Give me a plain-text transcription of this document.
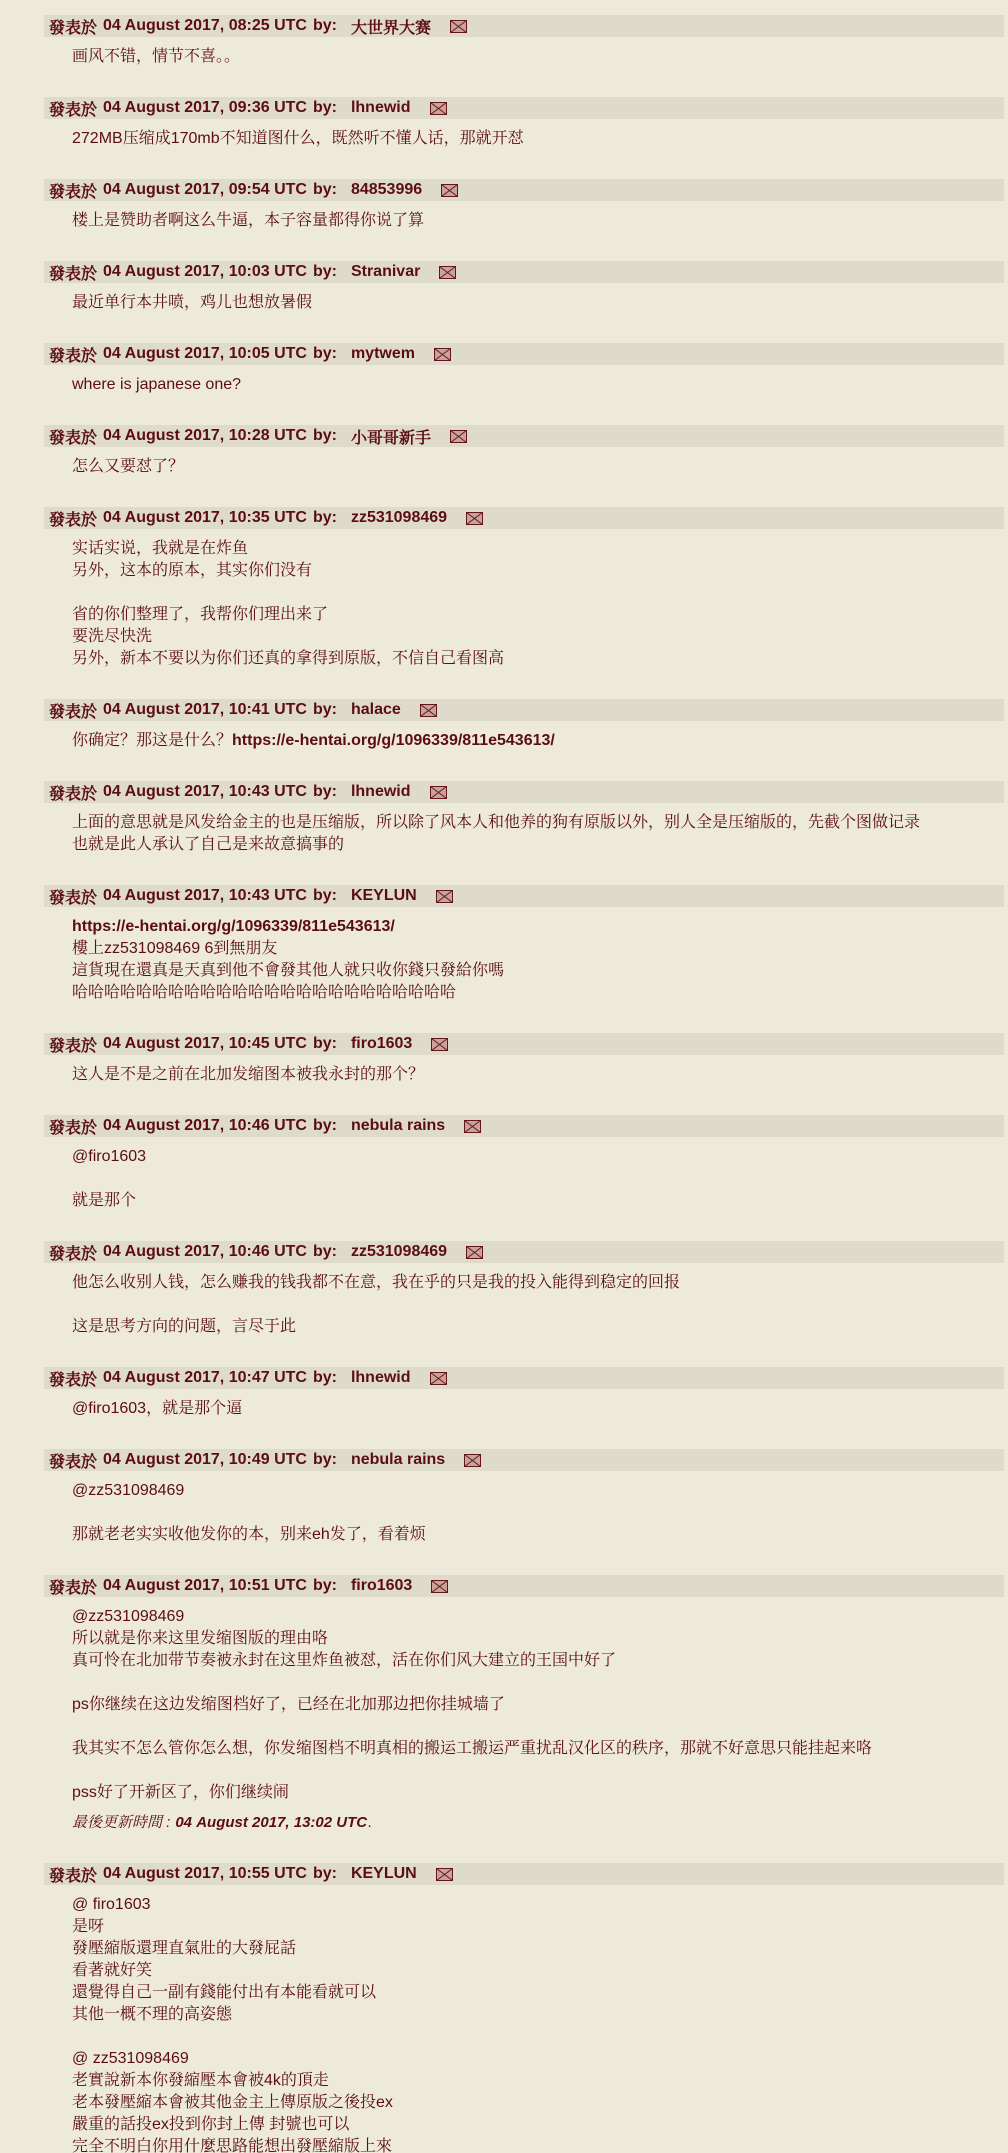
發表於 04 August 2017, 08:25 UTC by: 大世界大赛
画风不错，情节不喜。。
發表於 04 August 2017, 09:36 UTC by: lhnewid
272MB压缩成170mb不知道图什么，既然听不懂人话，那就开怼
發表於 04 August 2017, 09:54 UTC by: 84853996
楼上是赞助者啊这么牛逼，本子容量都得你说了算
發表於 04 August 2017, 10:03 UTC by: Stranivar
最近单行本井喷，鸡儿也想放暑假
發表於 04 August 2017, 10:05 UTC by: mytwem
where is japanese one?
發表於 04 August 2017, 10:28 UTC by: 小哥哥新手
怎么又要怼了？
發表於 04 August 2017, 10:35 UTC by: zz531098469
实话实说，我就是在炸鱼
另外，这本的原本，其实你们没有

省的你们整理了，我帮你们理出来了
要洗尽快洗
另外，新本不要以为你们还真的拿得到原版，不信自己看图高
發表於 04 August 2017, 10:41 UTC by: halace
你确定？那这是什么？https://e-hentai.org/g/1096339/811e543613/
發表於 04 August 2017, 10:43 UTC by: lhnewid
上面的意思就是风发给金主的也是压缩版，所以除了风本人和他养的狗有原版以外，别人全是压缩版的，先截个图做记录
也就是此人承认了自己是来故意搞事的
發表於 04 August 2017, 10:43 UTC by: KEYLUN
https://e-hentai.org/g/1096339/811e543613/
樓上zz531098469 6到無朋友
這貨現在還真是天真到他不會發其他人就只收你錢只發給你嗎
哈哈哈哈哈哈哈哈哈哈哈哈哈哈哈哈哈哈哈哈哈哈哈哈
發表於 04 August 2017, 10:45 UTC by: firo1603
这人是不是之前在北加发缩图本被我永封的那个？
發表於 04 August 2017, 10:46 UTC by: nebula rains
@firo1603

就是那个
發表於 04 August 2017, 10:46 UTC by: zz531098469
他怎么收别人钱，怎么赚我的钱我都不在意，我在乎的只是我的投入能得到稳定的回报

这是思考方向的问题，言尽于此
發表於 04 August 2017, 10:47 UTC by: lhnewid
@firo1603，就是那个逼
發表於 04 August 2017, 10:49 UTC by: nebula rains
@zz531098469

那就老老实实收他发你的本，别来eh发了，看着烦
發表於 04 August 2017, 10:51 UTC by: firo1603
@zz531098469
所以就是你来这里发缩图版的理由咯
真可怜在北加带节奏被永封在这里炸鱼被怼，活在你们风大建立的王国中好了

ps你继续在这边发缩图档好了，已经在北加那边把你挂城墙了

我其实不怎么管你怎么想，你发缩图档不明真相的搬运工搬运严重扰乱汉化区的秩序，那就不好意思只能挂起来咯

pss好了开新区了，你们继续闹
最後更新時間 : 04 August 2017, 13:02 UTC.
發表於 04 August 2017, 10:55 UTC by: KEYLUN
@ firo1603
是呀
發壓縮版還理直氣壯的大發屁話
看著就好笑
還覺得自己一副有錢能付出有本能看就可以
其他一概不理的高姿態

@ zz531098469
老實說新本你發縮壓本會被4k的頂走
老本發壓縮本會被其他金主上傳原版之後投ex
嚴重的話投ex投到你封上傳 封號也可以
完全不明白你用什麼思路能想出發壓縮版上來
